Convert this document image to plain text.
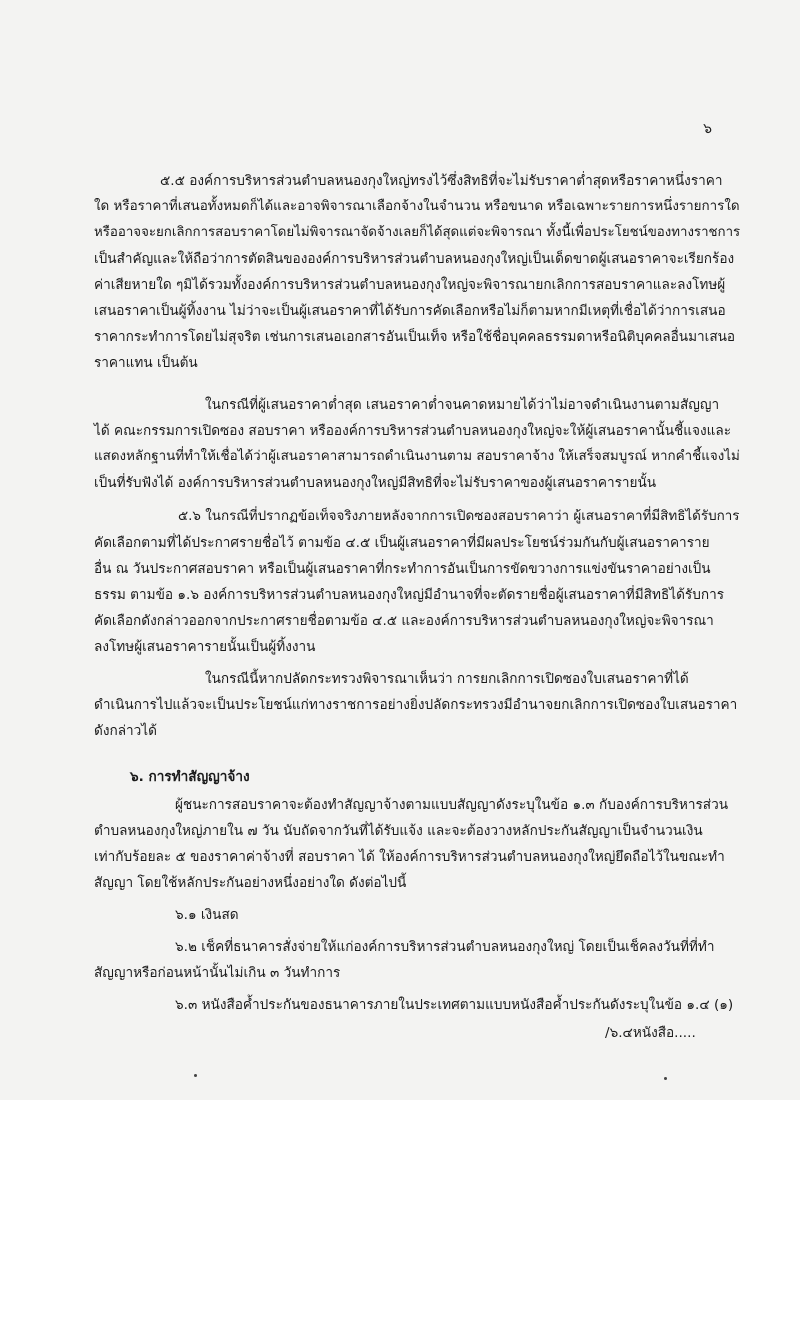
๖
๕.๕ องค์การบริหารส่วนตำบลหนองกุงใหญ่ทรงไว้ซึ่งสิทธิที่จะไม่รับราคาต่ำสุดหรือราคาหนึ่งราคา
ใด หรือราคาที่เสนอทั้งหมดก็ได้และอาจพิจารณาเลือกจ้างในจำนวน หรือขนาด หรือเฉพาะรายการหนึ่งรายการใด
หรืออาจจะยกเลิกการสอบราคาโดยไม่พิจารณาจัดจ้างเลยก็ได้สุดแต่จะพิจารณา ทั้งนี้เพื่อประโยชน์ของทางราชการ
เป็นสำคัญและให้ถือว่าการตัดสินขององค์การบริหารส่วนตำบลหนองกุงใหญ่เป็นเด็ดขาดผู้เสนอราคาจะเรียกร้อง
ค่าเสียหายใด ๆมิได้รวมทั้งองค์การบริหารส่วนตำบลหนองกุงใหญ่จะพิจารณายกเลิกการสอบราคาและลงโทษผู้
เสนอราคาเป็นผู้ทิ้งงาน ไม่ว่าจะเป็นผู้เสนอราคาที่ได้รับการคัดเลือกหรือไม่ก็ตามหากมีเหตุที่เชื่อได้ว่าการเสนอ
ราคากระทำการโดยไม่สุจริต เช่นการเสนอเอกสารอันเป็นเท็จ หรือใช้ชื่อบุคคลธรรมดาหรือนิติบุคคลอื่นมาเสนอ
ราคาแทน เป็นต้น
ในกรณีที่ผู้เสนอราคาต่ำสุด เสนอราคาต่ำจนคาดหมายได้ว่าไม่อาจดำเนินงานตามสัญญา
ได้ คณะกรรมการเปิดซอง สอบราคา หรือองค์การบริหารส่วนตำบลหนองกุงใหญ่จะให้ผู้เสนอราคานั้นชี้แจงและ
แสดงหลักฐานที่ทำให้เชื่อได้ว่าผู้เสนอราคาสามารถดำเนินงานตาม สอบราคาจ้าง ให้เสร็จสมบูรณ์ หากคำชี้แจงไม่
เป็นที่รับฟังได้ องค์การบริหารส่วนตำบลหนองกุงใหญ่มีสิทธิที่จะไม่รับราคาของผู้เสนอราคารายนั้น
๕.๖ ในกรณีที่ปรากฏข้อเท็จจริงภายหลังจากการเปิดซองสอบราคาว่า ผู้เสนอราคาที่มีสิทธิได้รับการ
คัดเลือกตามที่ได้ประกาศรายชื่อไว้ ตามข้อ ๔.๕ เป็นผู้เสนอราคาที่มีผลประโยชน์ร่วมกันกับผู้เสนอราคาราย
อื่น ณ วันประกาศสอบราคา หรือเป็นผู้เสนอราคาที่กระทำการอันเป็นการขัดขวางการแข่งขันราคาอย่างเป็น
ธรรม ตามข้อ ๑.๖ องค์การบริหารส่วนตำบลหนองกุงใหญ่มีอำนาจที่จะตัดรายชื่อผู้เสนอราคาที่มีสิทธิได้รับการ
คัดเลือกดังกล่าวออกจากประกาศรายชื่อตามข้อ ๔.๕ และองค์การบริหารส่วนตำบลหนองกุงใหญ่จะพิจารณา
ลงโทษผู้เสนอราคารายนั้นเป็นผู้ทิ้งงาน
ในกรณีนี้หากปลัดกระทรวงพิจารณาเห็นว่า การยกเลิกการเปิดซองใบเสนอราคาที่ได้
ดำเนินการไปแล้วจะเป็นประโยชน์แก่ทางราชการอย่างยิ่งปลัดกระทรวงมีอำนาจยกเลิกการเปิดซองใบเสนอราคา
ดังกล่าวได้
๖. การทำสัญญาจ้าง
ผู้ชนะการสอบราคาจะต้องทำสัญญาจ้างตามแบบสัญญาดังระบุในข้อ ๑.๓ กับองค์การบริหารส่วน
ตำบลหนองกุงใหญ่ภายใน ๗ วัน นับถัดจากวันที่ได้รับแจ้ง และจะต้องวางหลักประกันสัญญาเป็นจำนวนเงิน
เท่ากับร้อยละ ๕ ของราคาค่าจ้างที่ สอบราคา ได้ ให้องค์การบริหารส่วนตำบลหนองกุงใหญ่ยึดถือไว้ในขณะทำ
สัญญา โดยใช้หลักประกันอย่างหนึ่งอย่างใด ดังต่อไปนี้
๖.๑ เงินสด
๖.๒ เช็คที่ธนาคารสั่งจ่ายให้แก่องค์การบริหารส่วนตำบลหนองกุงใหญ่ โดยเป็นเช็คลงวันที่ที่ทำ
สัญญาหรือก่อนหน้านั้นไม่เกิน ๓ วันทำการ
๖.๓ หนังสือค้ำประกันของธนาคารภายในประเทศตามแบบหนังสือค้ำประกันดังระบุในข้อ ๑.๔ (๑)
/๖.๔หนังสือ.....
